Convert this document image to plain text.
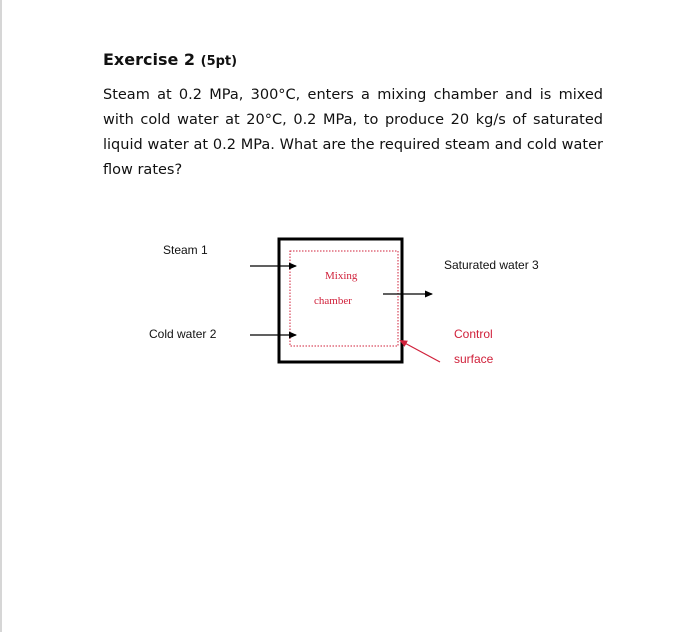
Exercise 2 (5pt)
Steam at 0.2 MPa, 300°C, enters a mixing chamber and is mixed with cold water at 20°C, 0.2 MPa, to produce 20 kg/s of saturated liquid water at 0.2 MPa. What are the required steam and cold water flow rates?
Steam 1
Cold water 2
Saturated water 3
Mixing
chamber
Control
surface
